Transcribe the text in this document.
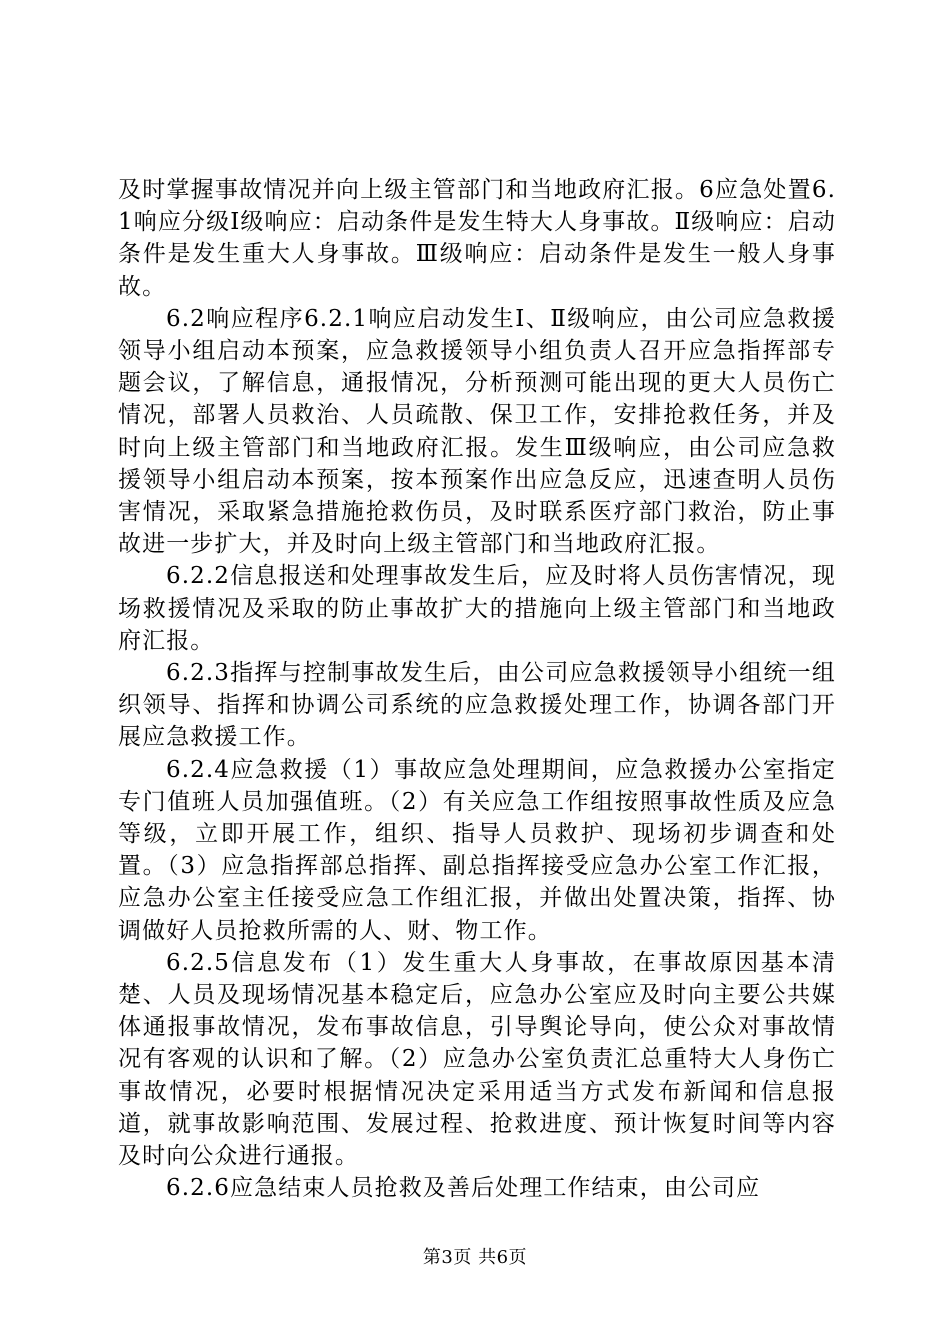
及时掌握事故情况并向上级主管部门和当地政府汇报。6应急处置6.1响应分级Ⅰ级响应：启动条件是发生特大人身事故。Ⅱ级响应：启动条件是发生重大人身事故。Ⅲ级响应：启动条件是发生一般人身事故。

6.2响应程序6.2.1响应启动发生Ⅰ、Ⅱ级响应，由公司应急救援领导小组启动本预案，应急救援领导小组负责人召开应急指挥部专题会议，了解信息，通报情况，分析预测可能出现的更大人员伤亡情况，部署人员救治、人员疏散、保卫工作，安排抢救任务，并及时向上级主管部门和当地政府汇报。发生Ⅲ级响应，由公司应急救援领导小组启动本预案，按本预案作出应急反应，迅速查明人员伤害情况，采取紧急措施抢救伤员，及时联系医疗部门救治，防止事故进一步扩大，并及时向上级主管部门和当地政府汇报。

6.2.2信息报送和处理事故发生后，应及时将人员伤害情况，现场救援情况及采取的防止事故扩大的措施向上级主管部门和当地政府汇报。

6.2.3指挥与控制事故发生后，由公司应急救援领导小组统一组织领导、指挥和协调公司系统的应急救援处理工作，协调各部门开展应急救援工作。

6.2.4应急救援（1）事故应急处理期间，应急救援办公室指定专门值班人员加强值班。（2）有关应急工作组按照事故性质及应急等级，立即开展工作，组织、指导人员救护、现场初步调查和处置。（3）应急指挥部总指挥、副总指挥接受应急办公室工作汇报，应急办公室主任接受应急工作组汇报，并做出处置决策，指挥、协调做好人员抢救所需的人、财、物工作。

6.2.5信息发布（1）发生重大人身事故，在事故原因基本清楚、人员及现场情况基本稳定后，应急办公室应及时向主要公共媒体通报事故情况，发布事故信息，引导舆论导向，使公众对事故情况有客观的认识和了解。（2）应急办公室负责汇总重特大人身伤亡事故情况，必要时根据情况决定采用适当方式发布新闻和信息报道，就事故影响范围、发展过程、抢救进度、预计恢复时间等内容及时向公众进行通报。

6.2.6应急结束人员抢救及善后处理工作结束，由公司应

第3页 共6页
